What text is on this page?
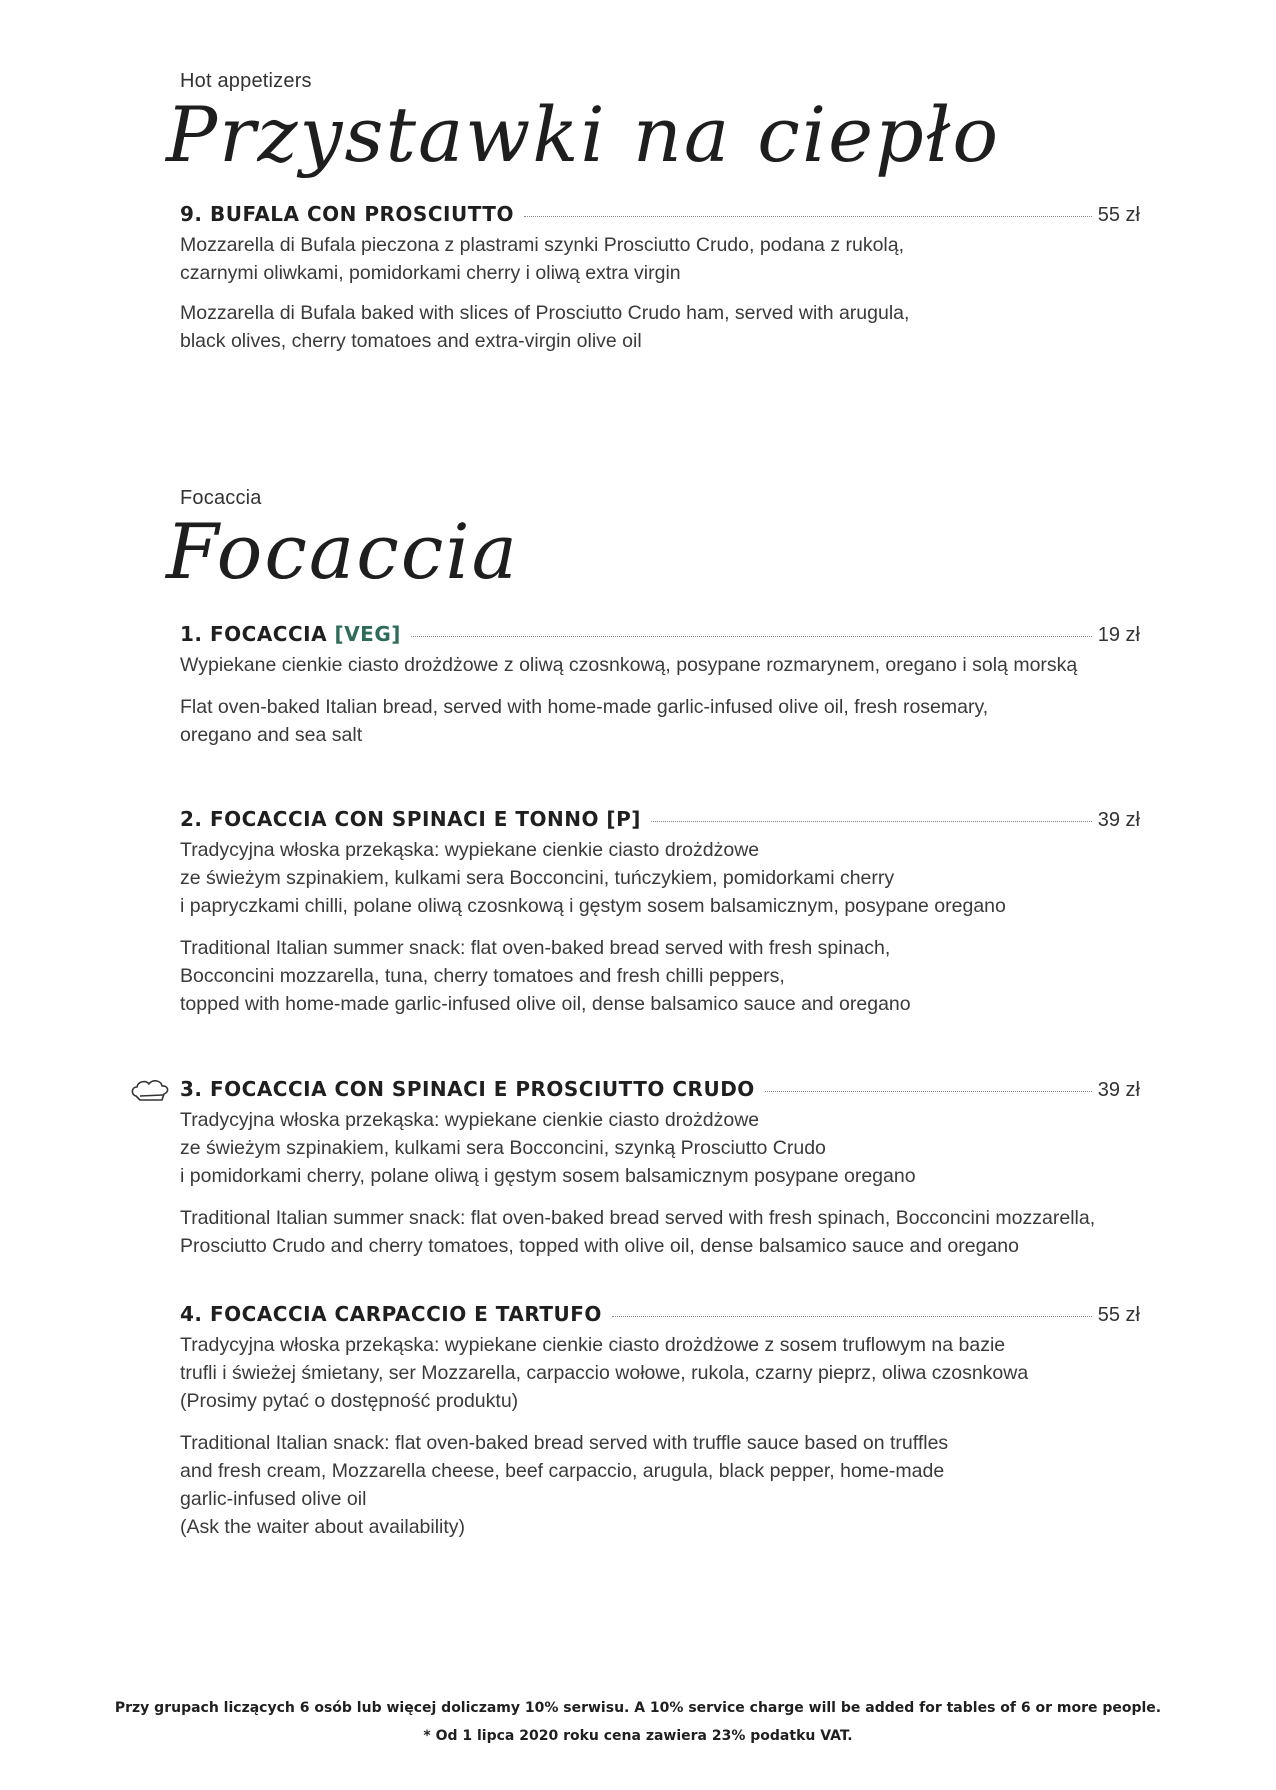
Hot appetizers
Przystawki na ciepło
9. BUFALA CON PROSCIUTTO	55 zł
Mozzarella di Bufala pieczona z plastrami szynki Prosciutto Crudo, podana z rukolą,
czarnymi oliwkami, pomidorkami cherry i oliwą extra virgin
Mozzarella di Bufala baked with slices of Prosciutto Crudo ham, served with arugula,
black olives, cherry tomatoes and extra-virgin olive oil
Focaccia
Focaccia
1. FOCACCIA [VEG]	19 zł
Wypiekane cienkie ciasto drożdżowe z oliwą czosnkową, posypane rozmarynem, oregano i solą morską
Flat oven-baked Italian bread, served with home-made garlic-infused olive oil, fresh rosemary,
oregano and sea salt
2. FOCACCIA CON SPINACI E TONNO [P]	39 zł
Tradycyjna włoska przekąska: wypiekane cienkie ciasto drożdżowe
ze świeżym szpinakiem, kulkami sera Bocconcini, tuńczykiem, pomidorkami cherry
i papryczkami chilli, polane oliwą czosnkową i gęstym sosem balsamicznym, posypane oregano
Traditional Italian summer snack: flat oven-baked bread served with fresh spinach,
Bocconcini mozzarella, tuna, cherry tomatoes and fresh chilli peppers,
topped with home-made garlic-infused olive oil, dense balsamico sauce and oregano
3. FOCACCIA CON SPINACI E PROSCIUTTO CRUDO	39 zł
Tradycyjna włoska przekąska: wypiekane cienkie ciasto drożdżowe
ze świeżym szpinakiem, kulkami sera Bocconcini, szynką Prosciutto Crudo
i pomidorkami cherry, polane oliwą i gęstym sosem balsamicznym posypane oregano
Traditional Italian summer snack: flat oven-baked bread served with fresh spinach, Bocconcini mozzarella,
Prosciutto Crudo and cherry tomatoes, topped with olive oil, dense balsamico sauce and oregano
4. FOCACCIA CARPACCIO E TARTUFO	55 zł
Tradycyjna włoska przekąska: wypiekane cienkie ciasto drożdżowe z sosem truflowym na bazie
trufli i świeżej śmietany, ser Mozzarella, carpaccio wołowe, rukola, czarny pieprz, oliwa czosnkowa
(Prosimy pytać o dostępność produktu)
Traditional Italian snack: flat oven-baked bread served with truffle sauce based on truffles
and fresh cream, Mozzarella cheese, beef carpaccio, arugula, black pepper, home-made
garlic-infused olive oil
(Ask the waiter about availability)
Przy grupach liczących 6 osób lub więcej doliczamy 10% serwisu. A 10% service charge will be added for tables of 6 or more people.
* Od 1 lipca 2020 roku cena zawiera 23% podatku VAT.
